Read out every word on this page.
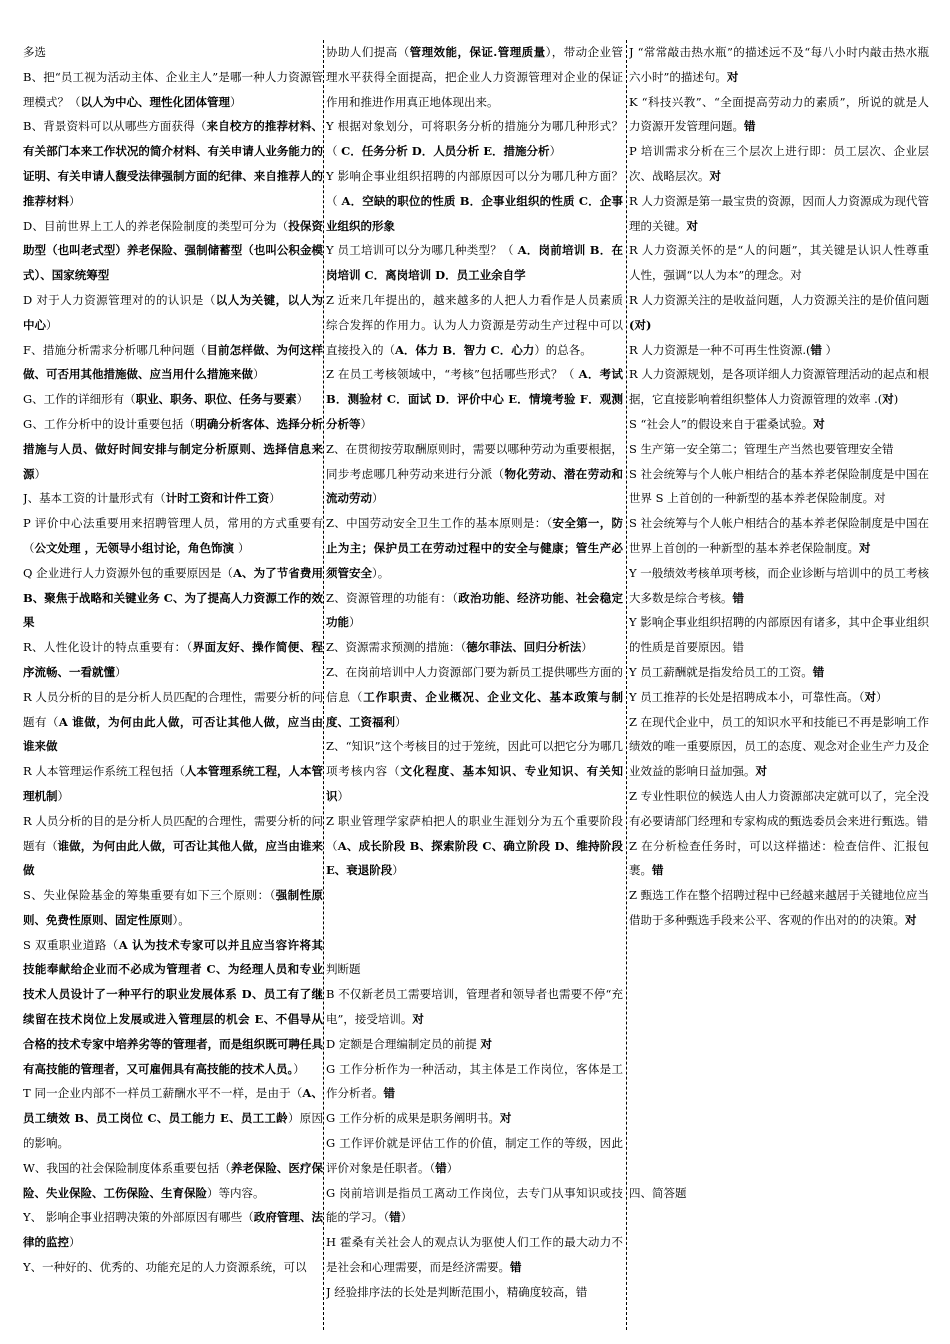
多选

B、把“员工视为活动主体、企业主人”是哪一种人力资源管理模式？（以人为中心、理性化团体管理）

B、背景资料可以从哪些方面获得（来自校方的推荐材料、有关部门本来工作状况的简介材料、有关申请人业务能力的证明、有关申请人馥受法律强制方面的纪律、来自推荐人的推荐材料）

D、目前世界上工人的养老保险制度的类型可分为（投保资助型（也叫老式型）养老保险、强制储蓄型（也叫公积金模式）、国家统筹型

D 对于人力资源管理对的的认识是（以人为关键，以人为中心）

F、措施分析需求分析哪几种问题（目前怎样做、为何这样做、可否用其他措施做、应当用什么措施来做）

G、工作的详细形有（职业、职务、职位、任务与要素）

G、工作分析中的设计重要包括（明确分析客体、选择分析措施与人员、做好时间安排与制定分析原则、选择信息来源）

J、基本工资的计量形式有（计时工资和计件工资）

P 评价中心法重要用来招聘管理人员，常用的方式重要有（公文处理 ，无领导小组讨论，角色饰演 ）

Q 企业进行人力资源外包的重要原因是（A、为了节省费用 B、聚焦于战略和关键业务 C、为了提高人力资源工作的效果

R、人性化设计的特点重要有：（界面友好、操作简便、程序流畅、一看就懂）

R 人员分析的目的是分析人员匹配的合理性，需要分析的问题有（A 谁做，为何由此人做，可否让其他人做，应当由谁来做

R 人本管理运作系统工程包括（人本管理系统工程，人本管理机制）

R 人员分析的目的是分析人员匹配的合理性，需要分析的问题有（谁做，为何由此人做，可否让其他人做，应当由谁来做

S、失业保险基金的筹集重要有如下三个原则：（强制性原则、免费性原则、固定性原则）。

S 双重职业道路（A 认为技术专家可以并且应当容许将其技能奉献给企业而不必成为管理者 C、为经理人员和专业技术人员设计了一种平行的职业发展体系 D、员工有了继续留在技术岗位上发展或进入管理层的机会 E、不倡导从合格的技术专家中培养劣等的管理者，而是组织既可聘任具有高技能的管理者，又可雇佣具有高技能的技术人员。）

T 同一企业内部不一样员工薪酬水平不一样，是由于（A、员工绩效 B、员工岗位 C、员工能力 E、员工工龄）原因的影响。

W、我国的社会保险制度体系重要包括（养老保险、医疗保险、失业保险、工伤保险、生育保险）等内容。

Y、 影响企事业招聘决策的外部原因有哪些（政府管理、法律的监控）

Y、一种好的、优秀的、功能充足的人力资源系统，可以

协助人们提高（管理效能，保证.管理质量），带动企业管理水平获得全面提高，把企业人力资源管理对企业的保证作用和推进作用真正地体现出来。

Y 根据对象划分，可将职务分析的措施分为哪几种形式？（ C．任务分析 D．人员分析 E．措施分析）

Y 影响企事业组织招聘的内部原因可以分为哪几种方面？（ A．空缺的职位的性质 B．企事业组织的性质 C．企事业组织的形象

Y 员工培训可以分为哪几种类型？（ A．岗前培训 B．在岗培训 C．离岗培训 D．员工业余自学

Z 近来几年提出的，越来越多的人把人力看作是人员素质综合发挥的作用力。认为人力资源是劳动生产过程中可以直接投入的（A．体力 B．智力 C．心力）的总各。

Z 在员工考核领域中，“考核”包括哪些形式？（ A．考试 B．测验材 C．面试 D．评价中心 E．情境考验 F．观测分析等）

Z、在贯彻按劳取酬原则时，需要以哪种劳动为重要根据，同步考虑哪几种劳动来进行分派（物化劳动、潜在劳动和流动劳动）

Z、中国劳动安全卫生工作的基本原则是：（安全第一，防止为主；保护员工在劳动过程中的安全与健康；管生产必须管安全）。

Z、资源管理的功能有：（政治功能、经济功能、社会稳定功能）

Z、资源需求预测的措施：（德尔菲法、回归分析法）

Z、在岗前培训中人力资源部门要为新员工提供哪些方面的信息（工作职责、企业概况、企业文化、基本政策与制度、工资福利）

Z、“知识”这个考核目的过于笼统，因此可以把它分为哪几项考核内容（文化程度、基本知识、专业知识、有关知识）

Z 职业管理学家萨柏把人的职业生涯划分为五个重要阶段（A、成长阶段 B、探索阶段 C、确立阶段 D、维持阶段 E、衰退阶段）

判断题

B 不仅新老员工需要培训，管理者和领导者也需要不停“充电”，接受培训。对

D 定额是合理编制定员的前提 对

G 工作分析作为一种活动，其主体是工作岗位，客体是工作分析者。错

G 工作分析的成果是职务阐明书。对

G 工作评价就是评估工作的价值，制定工作的等级，因此评价对象是任职者。（错）

G 岗前培训是指员工离动工作岗位，去专门从事知识或技能的学习。（错）

H 霍桑有关社会人的观点认为驱使人们工作的最大动力不是社会和心理需要，而是经济需要。错

J 经验排序法的长处是判断范围小，精确度较高，错

J “常常敲击热水瓶”的描述远不及“每八小时内敲击热水瓶六小时”的描述句。对

K “科技兴教”、“全面提高劳动力的素质”，所说的就是人力资源开发管理问题。错

P 培训需求分析在三个层次上进行即：员工层次、企业层次、战略层次。对

R 人力资源是第一最宝贵的资源，因而人力资源成为现代管理的关键。对

R 人力资源关怀的是“人的问题”，其关键是认识人性尊重人性，强调“以人为本”的理念。对

R 人力资源关注的是收益问题，人力资源关注的是价值问题(对)

R 人力资源是一种不可再生性资源.(错 ）

R 人力资源规划，是各项详细人力资源管理活动的起点和根据，它直接影响着组织整体人力资源管理的效率 .(对)

S “社会人”的假设来自于霍桑试验。对

S 生产第一安全第二；管理生产当然也要管理安全错

S 社会统筹与个人帐户相结合的基本养老保险制度是中国在世界 S 上首创的一种新型的基本养老保险制度。对

S 社会统筹与个人帐户相结合的基本养老保险制度是中国在世界上首创的一种新型的基本养老保险制度。对

Y 一般绩效考核单项考核，而企业诊断与培训中的员工考核大多数是综合考核。错

Y 影响企事业组织招聘的内部原因有诸多，其中企事业组织的性质是首要原因。错

Y 员工薪酬就是指发给员工的工资。错

Y 员工推荐的长处是招聘成本小，可靠性高。（对）

Z 在现代企业中，员工的知识水平和技能已不再是影响工作绩效的唯一重要原因，员工的态度、观念对企业生产力及企业效益的影响日益加强。对

Z 专业性职位的候选人由人力资源部决定就可以了，完全没有必要请部门经理和专家构成的甄选委员会来进行甄选。错

Z 在分析检查任务时，可以这样描述：检查信件、汇报包裹。错

Z 甄选工作在整个招聘过程中已经越来越居于关键地位应当借助于多种甄选手段来公平、客观的作出对的的决策。对

四、简答题
